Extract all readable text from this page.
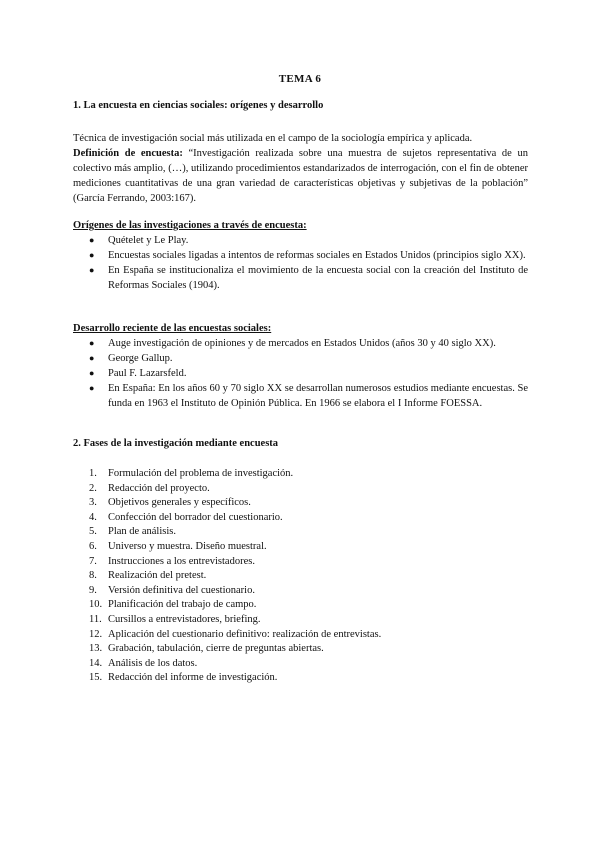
TEMA 6
1. La encuesta en ciencias sociales: orígenes y desarrollo
Técnica de investigación social más utilizada en el campo de la sociología empírica y aplicada.
Definición de encuesta: “Investigación realizada sobre una muestra de sujetos representativa de un colectivo más amplio, (…), utilizando procedimientos estandarizados de interrogación, con el fin de obtener mediciones cuantitativas de una gran variedad de características objetivas y subjetivas de la población” (García Ferrando, 2003:167).
Orígenes de las investigaciones a través de encuesta:
● Quételet y Le Play.
● Encuestas sociales ligadas a intentos de reformas sociales en Estados Unidos (principios siglo XX).
● En España se institucionaliza el movimiento de la encuesta social con la creación del Instituto de Reformas Sociales (1904).
Desarrollo reciente de las encuestas sociales:
● Auge investigación de opiniones y de mercados en Estados Unidos (años 30 y 40 siglo XX).
● George Gallup.
● Paul F. Lazarsfeld.
● En España: En los años 60 y 70 siglo XX se desarrollan numerosos estudios mediante encuestas. Se funda en 1963 el Instituto de Opinión Pública. En 1966 se elabora el I Informe FOESSA.
2. Fases de la investigación mediante encuesta
1. Formulación del problema de investigación.
2. Redacción del proyecto.
3. Objetivos generales y específicos.
4. Confección del borrador del cuestionario.
5. Plan de análisis.
6. Universo y muestra. Diseño muestral.
7. Instrucciones a los entrevistadores.
8. Realización del pretest.
9. Versión definitiva del cuestionario.
10. Planificación del trabajo de campo.
11. Cursillos a entrevistadores, briefing.
12. Aplicación del cuestionario definitivo: realización de entrevistas.
13. Grabación, tabulación, cierre de preguntas abiertas.
14. Análisis de los datos.
15. Redacción del informe de investigación.
